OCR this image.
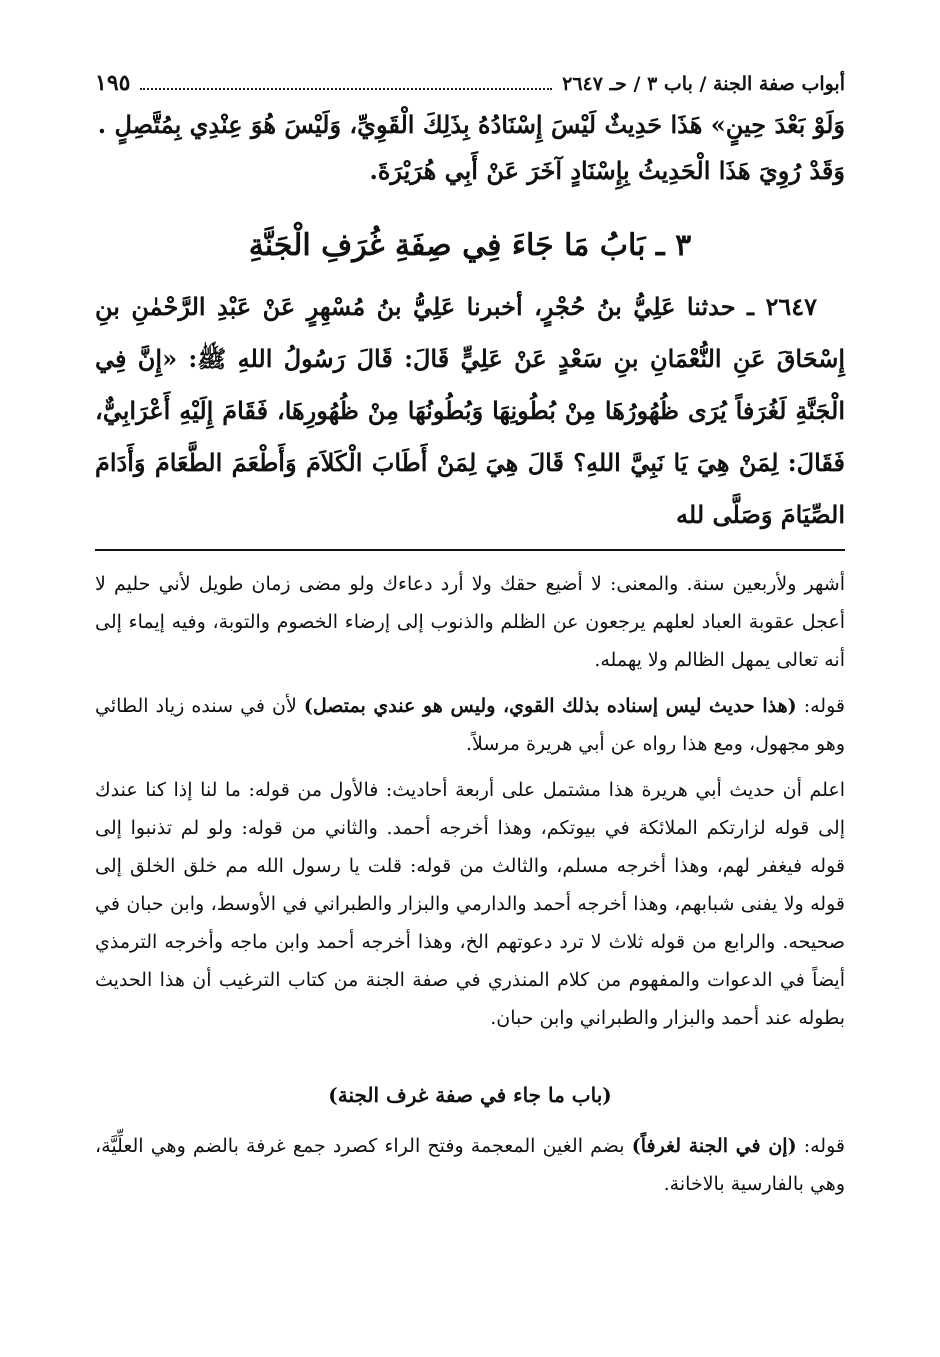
أبواب صفة الجنة / باب ٣ / حـ ٢٦٤٧
١٩٥

وَلَوْ بَعْدَ حِينٍ» هَذَا حَدِيثٌ لَيْسَ إِسْنَادُهُ بِذَلِكَ الْقَوِيِّ، وَلَيْسَ هُوَ عِنْدِي بِمُتَّصِلٍ .

وَقَدْ رُوِيَ هَذَا الْحَدِيثُ بِإِسْنَادٍ آخَرَ عَنْ أَبِي هُرَيْرَةَ.

٣ ـ بَابُ مَا جَاءَ فِي صِفَةِ غُرَفِ الْجَنَّةِ

٢٦٤٧ ـ حدثنا عَلِيُّ بنُ حُجْرٍ، أخبرنا عَلِيُّ بنُ مُسْهِرٍ عَنْ عَبْدِ الرَّحْمٰنِ بنِ إِسْحَاقَ عَنِ النُّعْمَانِ بنِ سَعْدٍ عَنْ عَلِيٍّ قَالَ: قَالَ رَسُولُ اللهِ ﷺ: «إِنَّ فِي الْجَنَّةِ لَغُرَفاً يُرَى ظُهُورُهَا مِنْ بُطُونِهَا وَبُطُونُهَا مِنْ ظُهُورِهَا، فَقَامَ إِلَيْهِ أَعْرَابِيٌّ، فَقَالَ: لِمَنْ هِيَ يَا نَبِيَّ اللهِ؟ قَالَ هِيَ لِمَنْ أَطَابَ الْكَلاَمَ وَأَطْعَمَ الطَّعَامَ وَأَدَامَ الصِّيَامَ وَصَلَّى لله

أشهر ولأربعين سنة. والمعنى: لا أضيع حقك ولا أرد دعاءك ولو مضى زمان طويل لأني حليم لا أعجل عقوبة العباد لعلهم يرجعون عن الظلم والذنوب إلى إرضاء الخصوم والتوبة، وفيه إيماء إلى أنه تعالى يمهل الظالم ولا يهمله.

قوله: (هذا حديث ليس إسناده بذلك القوي، وليس هو عندي بمتصل) لأن في سنده زياد الطائي وهو مجهول، ومع هذا رواه عن أبي هريرة مرسلاً.

اعلم أن حديث أبي هريرة هذا مشتمل على أربعة أحاديث: فالأول من قوله: ما لنا إذا كنا عندك إلى قوله لزارتكم الملائكة في بيوتكم، وهذا أخرجه أحمد. والثاني من قوله: ولو لم تذنبوا إلى قوله فيغفر لهم، وهذا أخرجه مسلم، والثالث من قوله: قلت يا رسول الله مم خلق الخلق إلى قوله ولا يفنى شبابهم، وهذا أخرجه أحمد والدارمي والبزار والطبراني في الأوسط، وابن حبان في صحيحه. والرابع من قوله ثلاث لا ترد دعوتهم الخ، وهذا أخرجه أحمد وابن ماجه وأخرجه الترمذي أيضاً في الدعوات والمفهوم من كلام المنذري في صفة الجنة من كتاب الترغيب أن هذا الحديث بطوله عند أحمد والبزار والطبراني وابن حبان.

(باب ما جاء في صفة غرف الجنة)

قوله: (إن في الجنة لغرفاً) بضم الغين المعجمة وفتح الراء كصرد جمع غرفة بالضم وهي العلِّيَّة، وهي بالفارسية بالاخانة.
